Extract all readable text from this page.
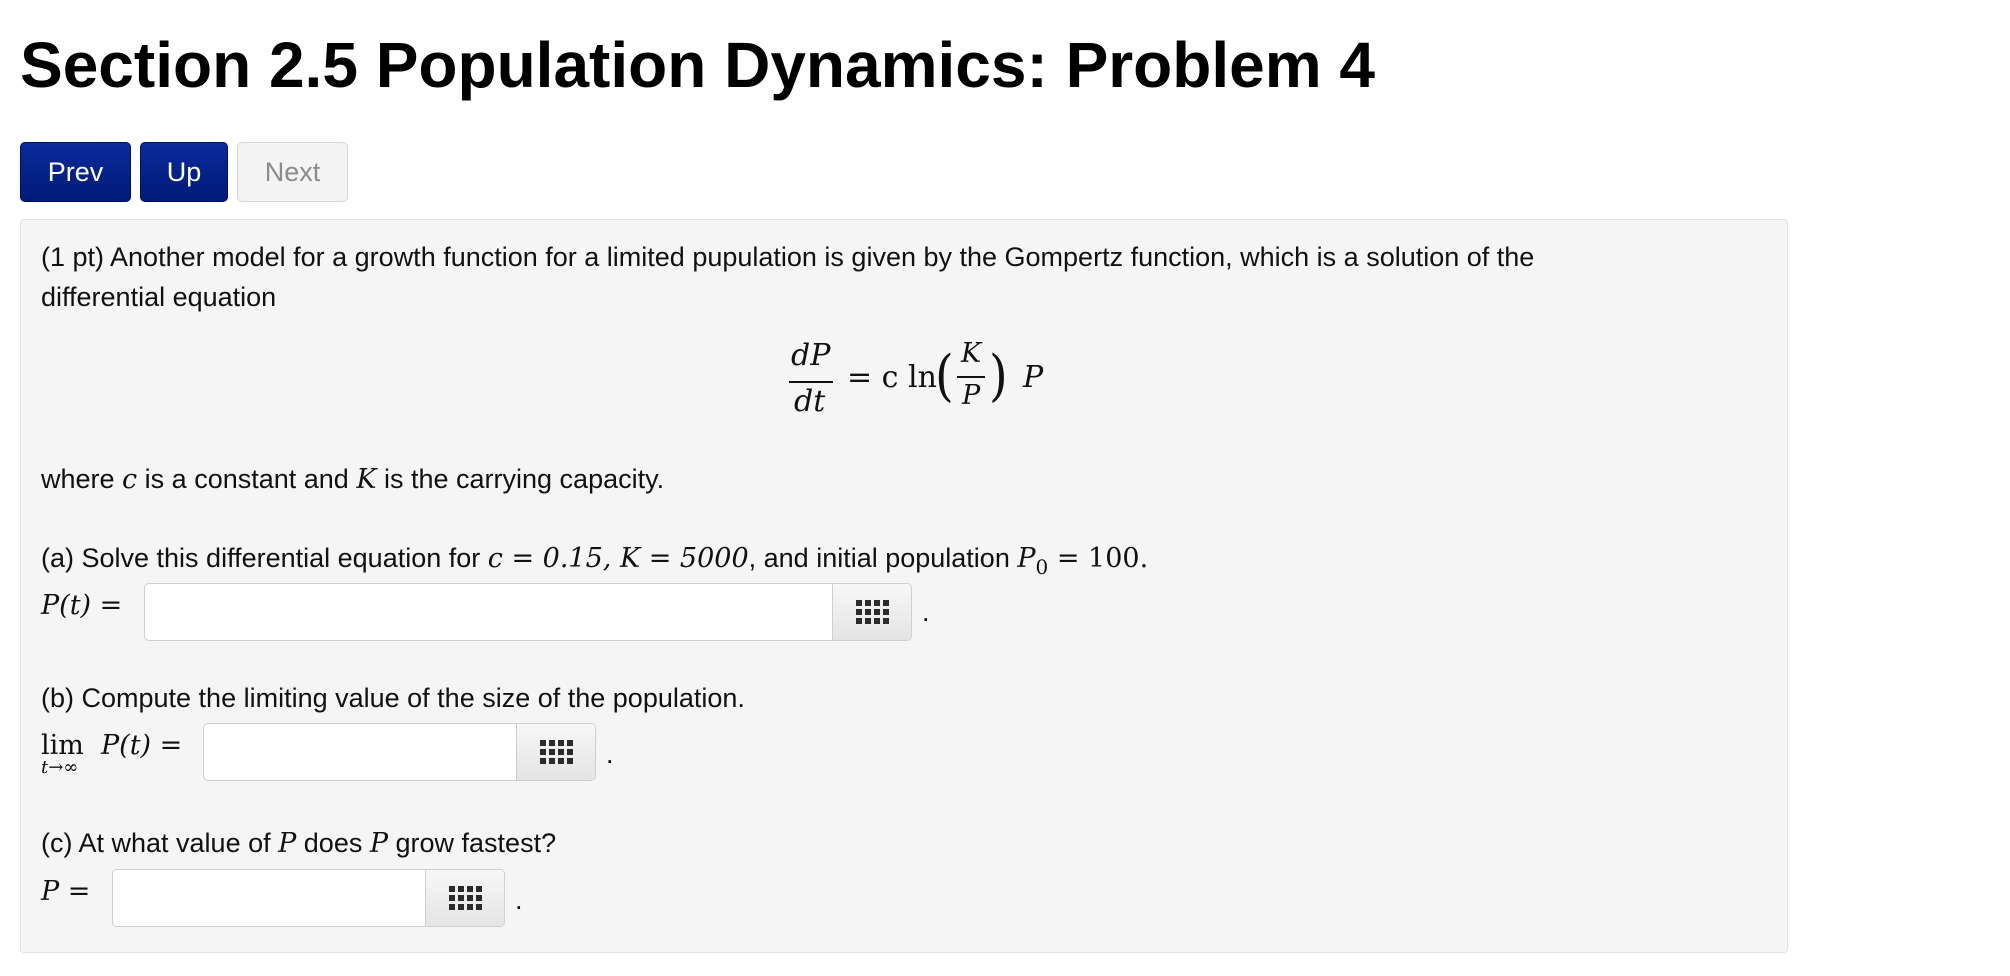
Section 2.5 Population Dynamics: Problem 4
Prev	Up	Next
(1 pt) Another model for a growth function for a limited pupulation is given by the Gompertz function, which is a solution of the
differential equation
dP
dt
= c ln
( K
P ) P
where c is a constant and K is the carrying capacity.
(a) Solve this differential equation for c = 0.15, K = 5000, and initial population $P_0 = 100$.
P(t) =	.
(b) Compute the limiting value of the size of the population.
lim
t→∞
P(t) =	.
(c) At what value of P does P grow fastest?
P =	.
